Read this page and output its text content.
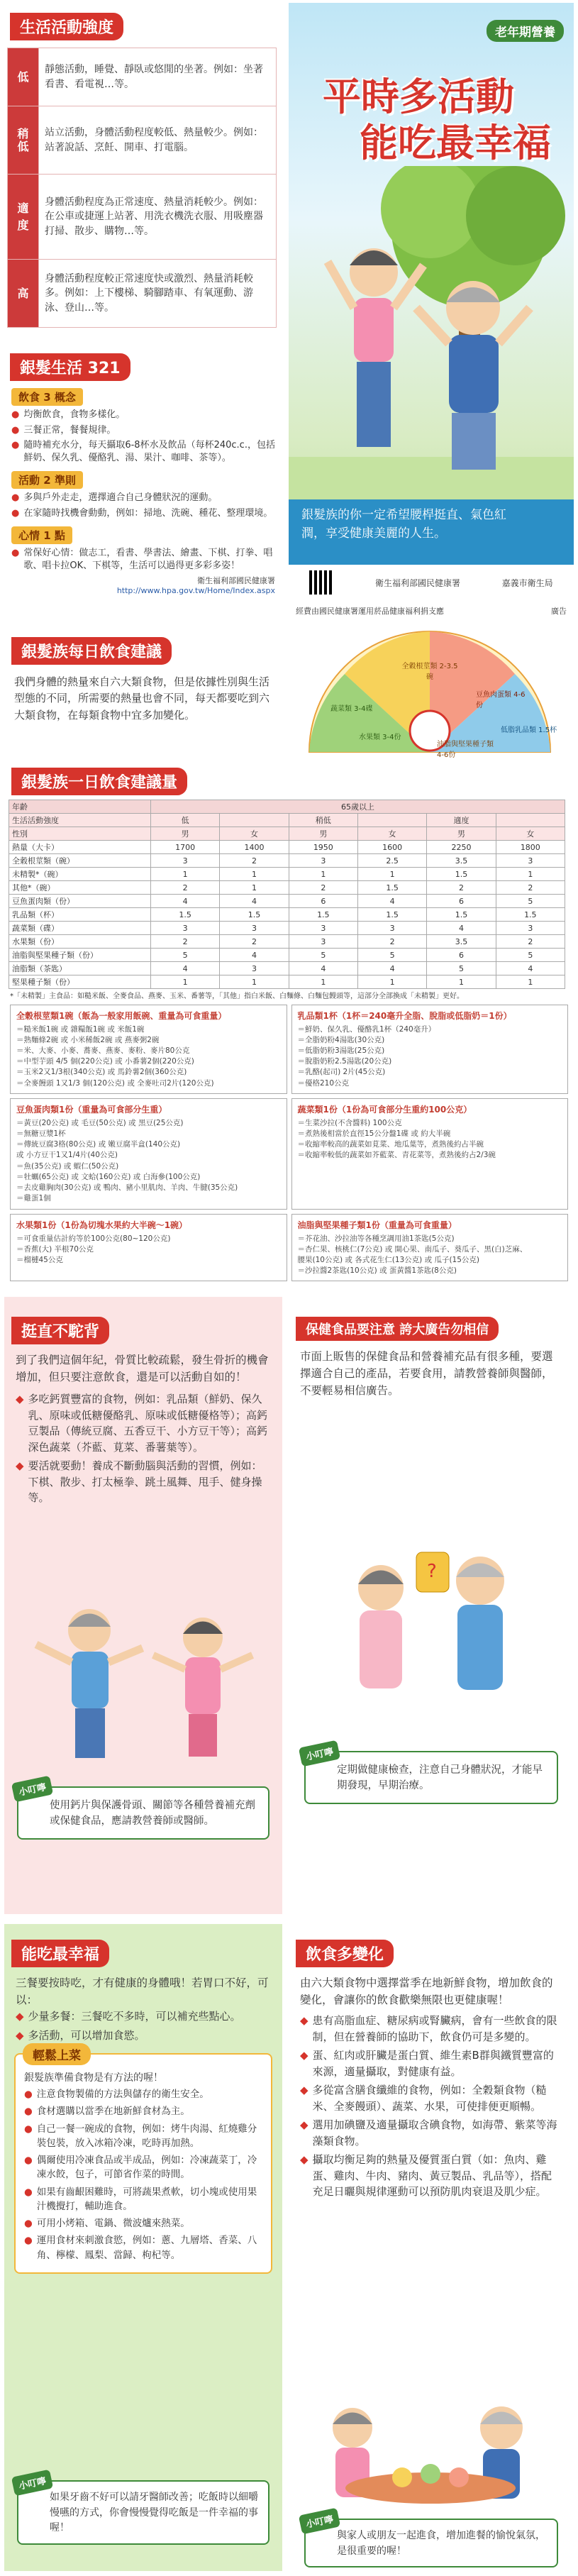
生活活動強度
低	靜態活動，睡覺、靜臥或悠閒的坐著。例如：坐著看書、看電視…等。
稍低	站立活動，身體活動程度較低、熱量較少。例如：站著說話、烹飪、開車、打電腦。
適度	身體活動程度為正常速度、熱量消耗較少。例如：在公車或捷運上站著、用洗衣機洗衣服、用吸塵器打掃、散步、購物…等。
高	身體活動程度較正常速度快或激烈、熱量消耗較多。例如：上下樓梯、騎腳踏車、有氧運動、游泳、登山…等。
老年期營養
平時多活動
能吃最幸福
銀髮族的你一定希望腰桿挺直、氣色紅
潤，享受健康美麗的人生。
衛生福利部國民健康署	嘉義市衛生局
經費由國民健康署運用菸品健康福利捐支應	廣告
銀髮生活 321
飲食 3 概念
● 均衡飲食，食物多樣化。
● 三餐正常，餐餐規律。
● 隨時補充水分，每天攝取6-8杯水及飲品（每杯240c.c.，包括鮮奶、保久乳、優酪乳、湯、果汁、咖啡、茶等）。
活動 2 準則
● 多與戶外走走，選擇適合自己身體狀況的運動。
● 在家隨時找機會動動，例如：掃地、洗碗、種花、整理環境。
心情 1 點
● 常保好心情：做志工，看書、學書法、繪畫、下棋、打拳、唱歌、唱卡拉OK、下棋等，生活可以過得更多彩多姿！
衛生福利部國民健康署
http://www.hpa.gov.tw/Home/Index.aspx
銀髮族每日飲食建議
我們身體的熱量來自六大類食物，但是依據性別與生活型態的不同，所需要的熱量也會不同，每天都要吃到六大類食物，在每類食物中宜多加變化。
全穀根莖類 2-3.5碗
豆魚肉蛋類 4-6份
低脂乳品類 1.5杯
蔬菜類 3-4碟
水果類 3-4份
油脂與堅果種子類 4-6份
銀髮族一日飲食建議量
年齡	65歲以上					
生活活動強度	低		稍低		適度	
性別	男	女	男	女	男	女
熱量（大卡）	1700	1400	1950	1600	2250	1800
全穀根莖類（碗）	3	2	3	2.5	3.5	3
未精製*（碗）	1	1	1	1	1.5	1
其他*（碗）	2	1	2	1.5	2	2
豆魚蛋肉類（份）	4	4	6	4	6	5
乳品類（杯）	1.5	1.5	1.5	1.5	1.5	1.5
蔬菜類（碟）	3	3	3	3	4	3
水果類（份）	2	2	3	2	3.5	2
油脂與堅果種子類（份）	5	4	5	5	6	5
油脂類（茶匙）	4	3	4	4	5	4
堅果種子類（份）	1	1	1	1	1	1
*「未精製」主食品：如糙米飯、全麥食品、燕麥、玉米、番薯等，「其他」指白米飯、白麵條、白麵包饅頭等，這部分全部換成「未精製」更好。
全穀根莖類1碗（飯為一般家用飯碗、重量為可食重量）

＝糙米飯1碗 或 雜糧飯1碗 或 米飯1碗
＝熟麵條2碗 或 小米稀飯2碗 或 燕麥粥2碗
＝米、大麥、小麥、蕎麥、燕麥、麥粉、麥片80公克
＝中型芋頭 4/5 個(220公克) 或 小番薯2個(220公克)
＝玉米2又1/3根(340公克) 或 馬鈴薯2個(360公克)
＝全麥饅頭 1又1/3 個(120公克) 或 全麥吐司2片(120公克)

乳品類1杯（1杯＝240毫升全脂、脫脂或低脂奶＝1份）

＝鮮奶、保久乳、優酪乳1杯（240毫升）
＝全脂奶粉4湯匙(30公克)
＝低脂奶粉3湯匙(25公克)
＝脫脂奶粉2.5湯匙(20公克)
＝乳酪(起司) 2片(45公克)
＝優格210公克

豆魚蛋肉類1份（重量為可食部分生重）

＝黃豆(20公克) 或 毛豆(50公克) 或 黑豆(25公克)
＝無糖豆漿1杯
＝傳統豆腐3格(80公克) 或 嫩豆腐半盒(140公克)
或 小方豆干1又1/4片(40公克)
＝魚(35公克) 或 蝦仁(50公克)
＝牡蠣(65公克) 或 文蛤(160公克) 或 白海參(100公克)
＝去皮雞胸肉(30公克) 或 鴨肉、豬小里肌肉、羊肉、牛腱(35公克)
＝雞蛋1個

蔬菜類1份（1份為可食部分生重約100公克）

＝生菜沙拉(不含醬料) 100公克
＝煮熟後相當於直徑15公分盤1碟 或 約大半碗
＝收縮率較高的蔬菜如莧菜、地瓜葉等，煮熟後約占半碗
＝收縮率較低的蔬菜如芥藍菜、青花菜等，煮熟後約占2/3碗

水果類1份（1份為切塊水果約大半碗～1碗）

＝可食重量估計約等於100公克(80~120公克)
＝香蕉(大) 半根70公克
＝榴槤45公克

油脂與堅果種子類1份（重量為可食重量）

＝芥花油、沙拉油等各種烹調用油1茶匙(5公克)
＝杏仁果、核桃仁(7公克) 或 開心果、南瓜子、葵瓜子、黑(白)芝麻、
腰果(10公克) 或 各式花生仁(13公克) 或 瓜子(15公克)
＝沙拉醬2茶匙(10公克) 或 蛋黃醬1茶匙(8公克)

挺直不駝背
到了我們這個年紀，骨質比較疏鬆，發生骨折的機會增加，但只要注意飲食，還是可以活動自如的！
◆ 多吃鈣質豐富的食物，例如：乳品類（鮮奶、保久乳、原味或低糖優酪乳、原味或低糖優格等）；高鈣豆製品（傳統豆腐、五香豆干、小方豆干等）；高鈣深色蔬菜（芥藍、莧菜、番薯葉等）。
◆ 要活就要動！養成不斷動腦與活動的習慣，例如：下棋、散步、打太極拳、跳土風舞、甩手、健身操等。
小叮嚀
使用鈣片與保護骨頭、關節等各種營養補充劑或保健食品，應請教營養師或醫師。
保健食品要注意 誇大廣告勿相信
市面上販售的保健食品和營養補充品有很多種，要選擇適合自己的產品，若要食用，請教營養師與醫師，不要輕易相信廣告。
?
小叮嚀
定期做健康檢查，注意自己身體狀況，才能早期發現，早期治療。
能吃最幸福
三餐要按時吃，才有健康的身體哦！若胃口不好，可以：
◆ 少量多餐：三餐吃不多時，可以補充些點心。
◆ 多活動，可以增加食慾。
輕鬆上菜
銀髮族準備食物是有方法的喔！
● 注意食物製備的方法與儲存的衛生安全。
● 食材選購以當季在地新鮮食材為主。
● 自己一餐一碗成的食物，例如：烤牛肉湯、紅燒雞分裝包裝，放入冰箱冷凍，吃時再加熱。
● 偶爾使用冷凍食品或半成品，例如：冷凍蔬菜丁，冷凍水餃，包子，可節省作菜的時間。
● 如果有齒齦困難時，可將蔬果煮軟，切小塊或使用果汁機攪打，輔助進食。
● 可用小烤箱、電鍋、微波爐來熱菜。
● 運用食材來刺激食慾，例如：蔥、九層塔、香菜、八角、檸檬、鳳梨、當歸、枸杞等。
小叮嚀
如果牙齒不好可以請牙醫師改善；吃飯時以細嚼慢嚥的方式，你會慢慢覺得吃飯是一件幸福的事喔！
飲食多變化
由六大類食物中選擇當季在地新鮮食物，增加飲食的變化，會讓你的飲食歡樂無限也更健康喔！
◆ 患有高脂血症、糖尿病或腎臟病，會有一些飲食的限制，但在營養師的協助下，飲食仍可是多變的。
◆ 蛋、紅肉或肝臟是蛋白質、維生素B群與鐵質豐富的來源，適量攝取，對健康有益。
◆ 多從富含膳食纖維的食物，例如：全穀類食物（糙米、全麥饅頭）、蔬菜、水果，可使排便更順暢。
◆ 選用加碘鹽及適量攝取含碘食物，如海帶、紫菜等海藻類食物。
◆ 攝取均衡足夠的熱量及優質蛋白質（如：魚肉、雞蛋、雞肉、牛肉、豬肉、黃豆製品、乳品等），搭配充足日曬與規律運動可以預防肌肉衰退及肌少症。
小叮嚀
與家人或朋友一起進食，增加進餐的愉悅氣氛，是很重要的喔！
